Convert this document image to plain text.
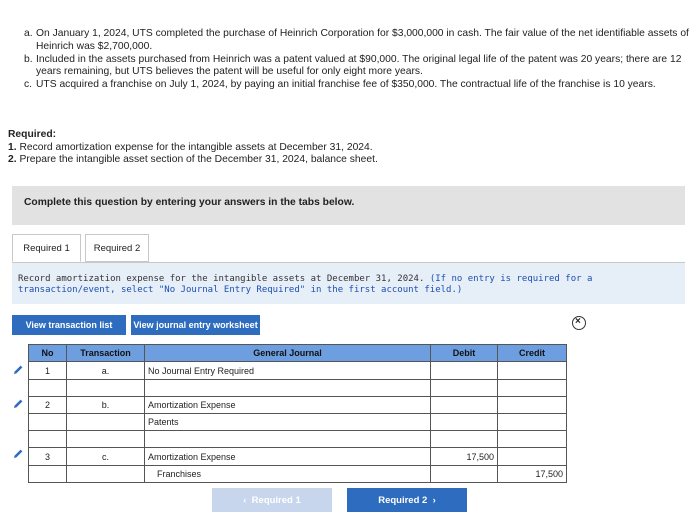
a. On January 1, 2024, UTS completed the purchase of Heinrich Corporation for $3,000,000 in cash. The fair value of the net identifiable assets of Heinrich was $2,700,000.
b. Included in the assets purchased from Heinrich was a patent valued at $90,000. The original legal life of the patent was 20 years; there are 12 years remaining, but UTS believes the patent will be useful for only eight more years.
c. UTS acquired a franchise on July 1, 2024, by paying an initial franchise fee of $350,000. The contractual life of the franchise is 10 years.
Required:
1. Record amortization expense for the intangible assets at December 31, 2024.
2. Prepare the intangible asset section of the December 31, 2024, balance sheet.
Complete this question by entering your answers in the tabs below.
Required 1	Required 2
Record amortization expense for the intangible assets at December 31, 2024. (If no entry is required for a transaction/event, select "No Journal Entry Required" in the first account field.)
View transaction list	View journal entry worksheet	×
No	Transaction	General Journal	Debit	Credit
1	a.	No Journal Entry Required		

2	b.	Amortization Expense		
		Patents		

3	c.	Amortization Expense	17,500	
		Franchises		17,500
‹ Required 1	Required 2 ›
